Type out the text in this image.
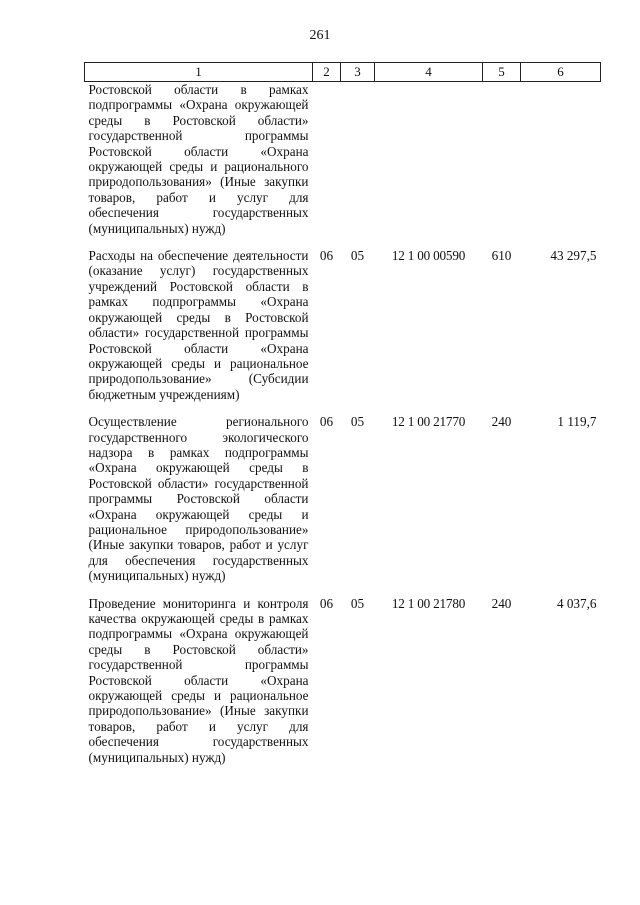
261
1	2	3	4	5	6
Ростовской области в рамках подпрограммы «Охрана окружающей среды в Ростовской области» государственной программы Ростовской области «Охрана окружающей среды и рационального природопользования» (Иные закупки товаров, работ и услуг для обеспечения государственных (муниципальных) нужд)					

Расходы на обеспечение деятельности (оказание услуг) государственных учреждений Ростовской области в рамках подпрограммы «Охрана окружающей среды в Ростовской области» государственной программы Ростовской области «Охрана окружающей среды и рациональное природопользование» (Субсидии бюджетным учреждениям)	06	05	12 1 00 00590	610	43 297,5

Осуществление регионального государственного экологического надзора в рамках подпрограммы «Охрана окружающей среды в Ростовской области» государственной программы Ростовской области «Охрана окружающей среды и рациональное природопользование» (Иные закупки товаров, работ и услуг для обеспечения государственных (муниципальных) нужд)	06	05	12 1 00 21770	240	1 119,7

Проведение мониторинга и контроля качества окружающей среды в рамках подпрограммы «Охрана окружающей среды в Ростовской области» государственной программы Ростовской области «Охрана окружающей среды и рациональное природопользование» (Иные закупки товаров, работ и услуг для обеспечения государственных (муниципальных) нужд)	06	05	12 1 00 21780	240	4 037,6
